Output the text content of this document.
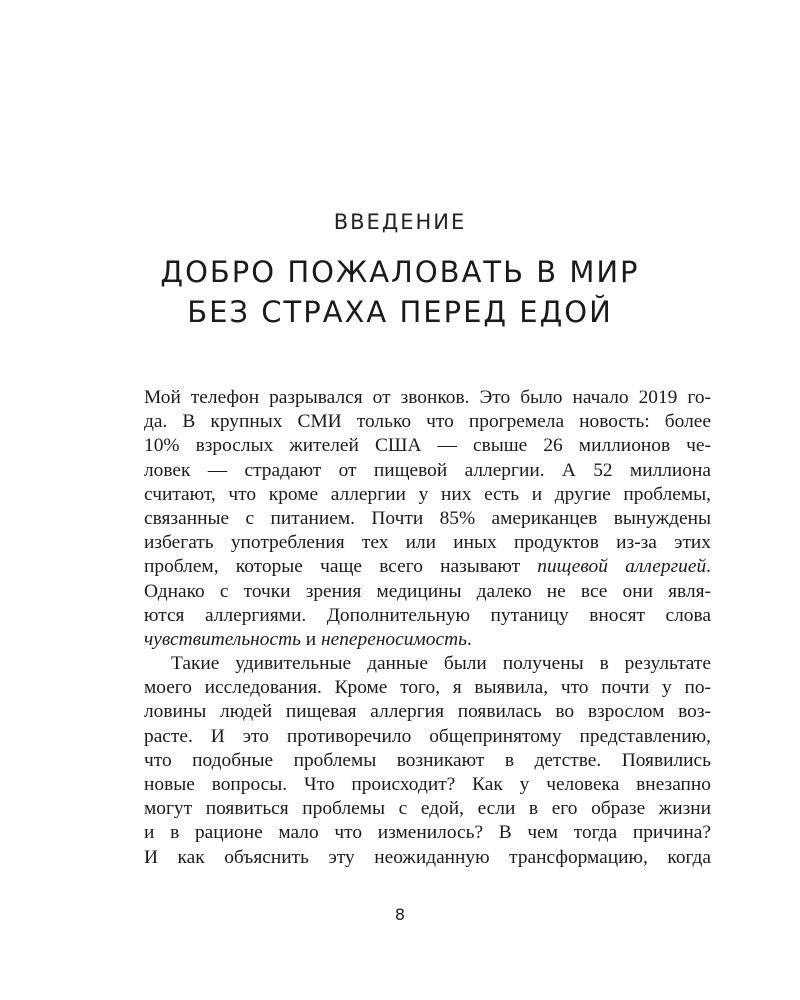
ВВЕДЕНИЕ
ДОБРО ПОЖАЛОВАТЬ В МИР
БЕЗ СТРАХА ПЕРЕД ЕДОЙ
Мой телефон разрывался от звонков. Это было начало 2019 го-
да. В крупных СМИ только что прогремела новость: более
10% взрослых жителей США — свыше 26 миллионов че-
ловек — страдают от пищевой аллергии. А 52 миллиона
считают, что кроме аллергии у них есть и другие проблемы,
связанные с питанием. Почти 85% американцев вынуждены
избегать употребления тех или иных продуктов из-за этих
проблем, которые чаще всего называют пищевой аллергией.
Однако с точки зрения медицины далеко не все они явля-
ются аллергиями. Дополнительную путаницу вносят слова
чувствительность и непереносимость.
Такие удивительные данные были получены в результате
моего исследования. Кроме того, я выявила, что почти у по-
ловины людей пищевая аллергия появилась во взрослом воз-
расте. И это противоречило общепринятому представлению,
что подобные проблемы возникают в детстве. Появились
новые вопросы. Что происходит? Как у человека внезапно
могут появиться проблемы с едой, если в его образе жизни
и в рационе мало что изменилось? В чем тогда причина?
И как объяснить эту неожиданную трансформацию, когда
8
